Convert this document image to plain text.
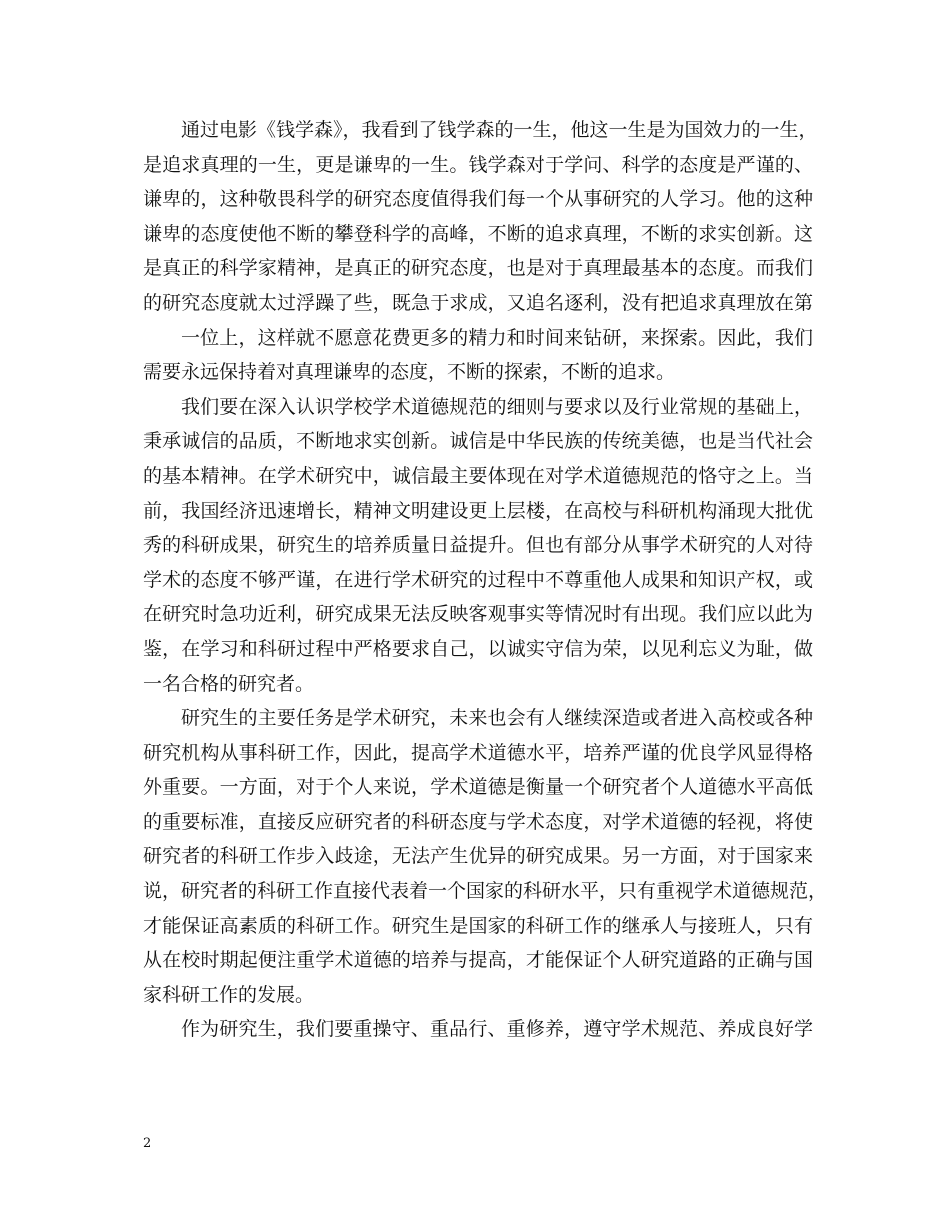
通过电影《钱学森》，我看到了钱学森的一生，他这一生是为国效力的一生，
是追求真理的一生，更是谦卑的一生。钱学森对于学问、科学的态度是严谨的、
谦卑的，这种敬畏科学的研究态度值得我们每一个从事研究的人学习。他的这种
谦卑的态度使他不断的攀登科学的高峰，不断的追求真理，不断的求实创新。这
是真正的科学家精神，是真正的研究态度，也是对于真理最基本的态度。而我们
的研究态度就太过浮躁了些，既急于求成，又追名逐利，没有把追求真理放在第
一位上，这样就不愿意花费更多的精力和时间来钻研，来探索。因此，我们
需要永远保持着对真理谦卑的态度，不断的探索，不断的追求。
我们要在深入认识学校学术道德规范的细则与要求以及行业常规的基础上，
秉承诚信的品质，不断地求实创新。诚信是中华民族的传统美德，也是当代社会
的基本精神。在学术研究中，诚信最主要体现在对学术道德规范的恪守之上。当
前，我国经济迅速增长，精神文明建设更上层楼，在高校与科研机构涌现大批优
秀的科研成果，研究生的培养质量日益提升。但也有部分从事学术研究的人对待
学术的态度不够严谨，在进行学术研究的过程中不尊重他人成果和知识产权，或
在研究时急功近利，研究成果无法反映客观事实等情况时有出现。我们应以此为
鉴，在学习和科研过程中严格要求自己，以诚实守信为荣，以见利忘义为耻，做
一名合格的研究者。
研究生的主要任务是学术研究，未来也会有人继续深造或者进入高校或各种
研究机构从事科研工作，因此，提高学术道德水平，培养严谨的优良学风显得格
外重要。一方面，对于个人来说，学术道德是衡量一个研究者个人道德水平高低
的重要标准，直接反应研究者的科研态度与学术态度，对学术道德的轻视，将使
研究者的科研工作步入歧途，无法产生优异的研究成果。另一方面，对于国家来
说，研究者的科研工作直接代表着一个国家的科研水平，只有重视学术道德规范，
才能保证高素质的科研工作。研究生是国家的科研工作的继承人与接班人，只有
从在校时期起便注重学术道德的培养与提高，才能保证个人研究道路的正确与国
家科研工作的发展。
作为研究生，我们要重操守、重品行、重修养，遵守学术规范、养成良好学
2
